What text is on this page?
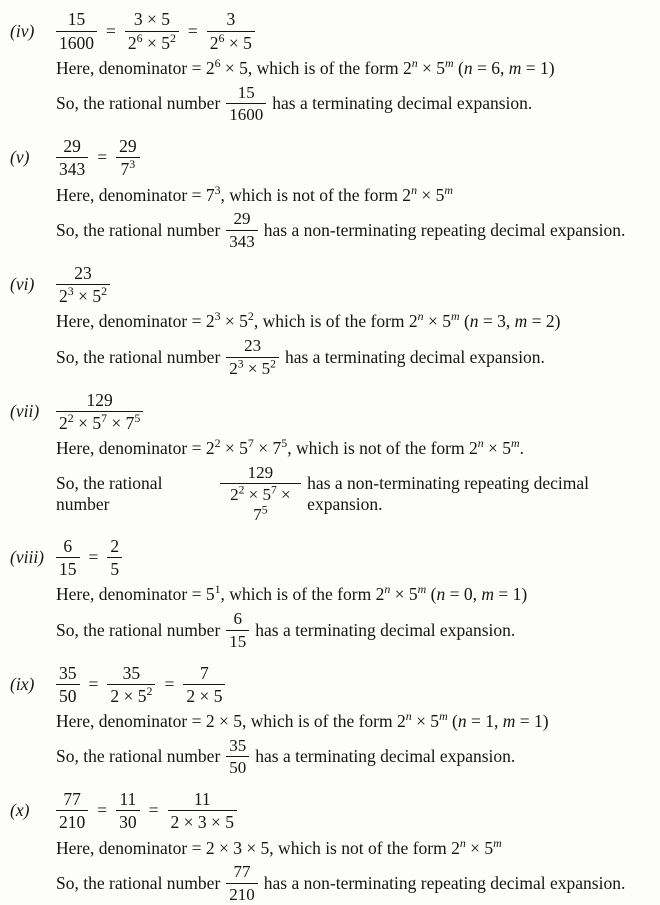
(iv)	$\frac{15}{1600} = \frac{3 \times 5}{2^6 \times 5^2} = \frac{3}{2^6 \times 5}$

Here, denominator = $2^6 \times 5$, which is of the form $2^n \times 5^m$ (n = 6, m = 1)

So, the rational number $\frac{15}{1600}$ has a terminating decimal expansion.

(v)	$\frac{29}{343} = \frac{29}{7^3}$

Here, denominator = $7^3$, which is not of the form $2^n \times 5^m$

So, the rational number $\frac{29}{343}$ has a non-terminating repeating decimal expansion.

(vi)	$\frac{23}{2^3 \times 5^2}$

Here, denominator = $2^3 \times 5^2$, which is of the form $2^n \times 5^m$ (n = 3, m = 2)

So, the rational number $\frac{23}{2^3 \times 5^2}$ has a terminating decimal expansion.

$(vii) \frac{129}{2^2 \times 5^7 \times 7^5}$

Here, denominator = $2^2 \times 5^7 \times 7^5$, which is not of the form $2^n \times 5^m$.

So, the rational number	$\frac{129}{2^2 \times 5^7 \times 7^5}$ has a non-terminating repeating decimal expansion.

(viii) $\frac{6}{15} = \frac{2}{5}$

Here, denominator = $5^1$, which is of the form $2^n \times 5^m$ (n = 0, m = 1)

So, the rational number $\frac{6}{15}$ has a terminating decimal expansion.

(ix)	$\frac{35}{50} = \frac{35}{2 \times 5^2} = \frac{7}{2 \times 5}$

Here, denominator = 2 × 5, which is of the form $2^n \times 5^m$ (n = 1, m = 1)

So, the rational number $\frac{35}{50}$ has a terminating decimal expansion.

(x)	$\frac{77}{210} = \frac{11}{30} = \frac{11}{2 \times 3 \times 5}$

Here, denominator = 2 × 3 × 5, which is not of the form $2^n \times 5^m$

So, the rational number $\frac{77}{210}$ has a non-terminating repeating decimal expansion.
